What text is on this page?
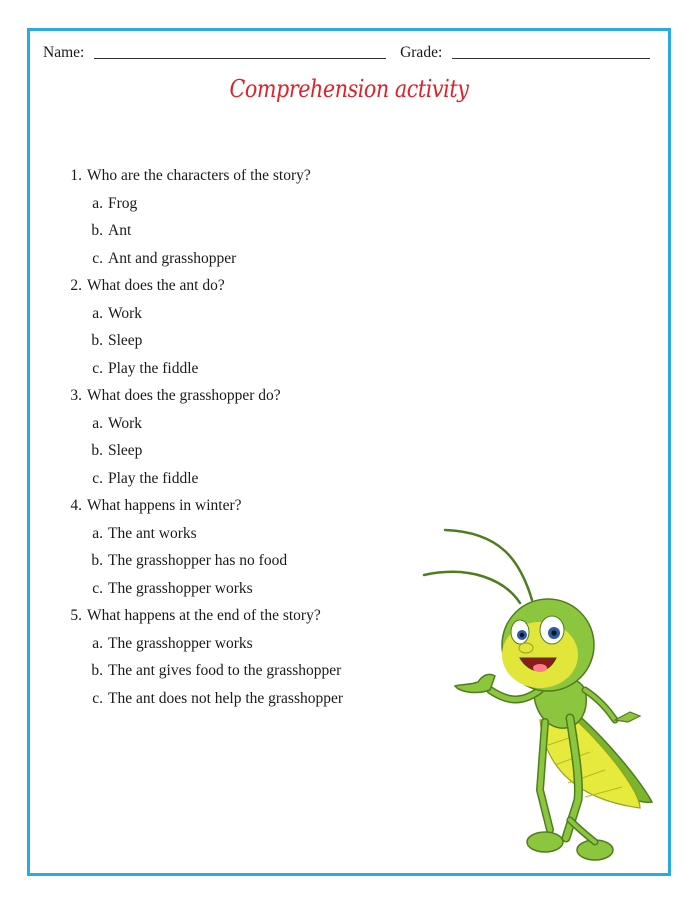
Name:	Grade:
Comprehension activity
1. Who are the characters of the story?
a. Frog
b. Ant
c. Ant and grasshopper
2. What does the ant do?
a. Work
b. Sleep
c. Play the fiddle
3. What does the grasshopper do?
a. Work
b. Sleep
c. Play the fiddle
4. What happens in winter?
a. The ant works
b. The grasshopper has no food
c. The grasshopper works
5. What happens at the end of the story?
a. The grasshopper works
b. The ant gives food to the grasshopper
c. The ant does not help the grasshopper
